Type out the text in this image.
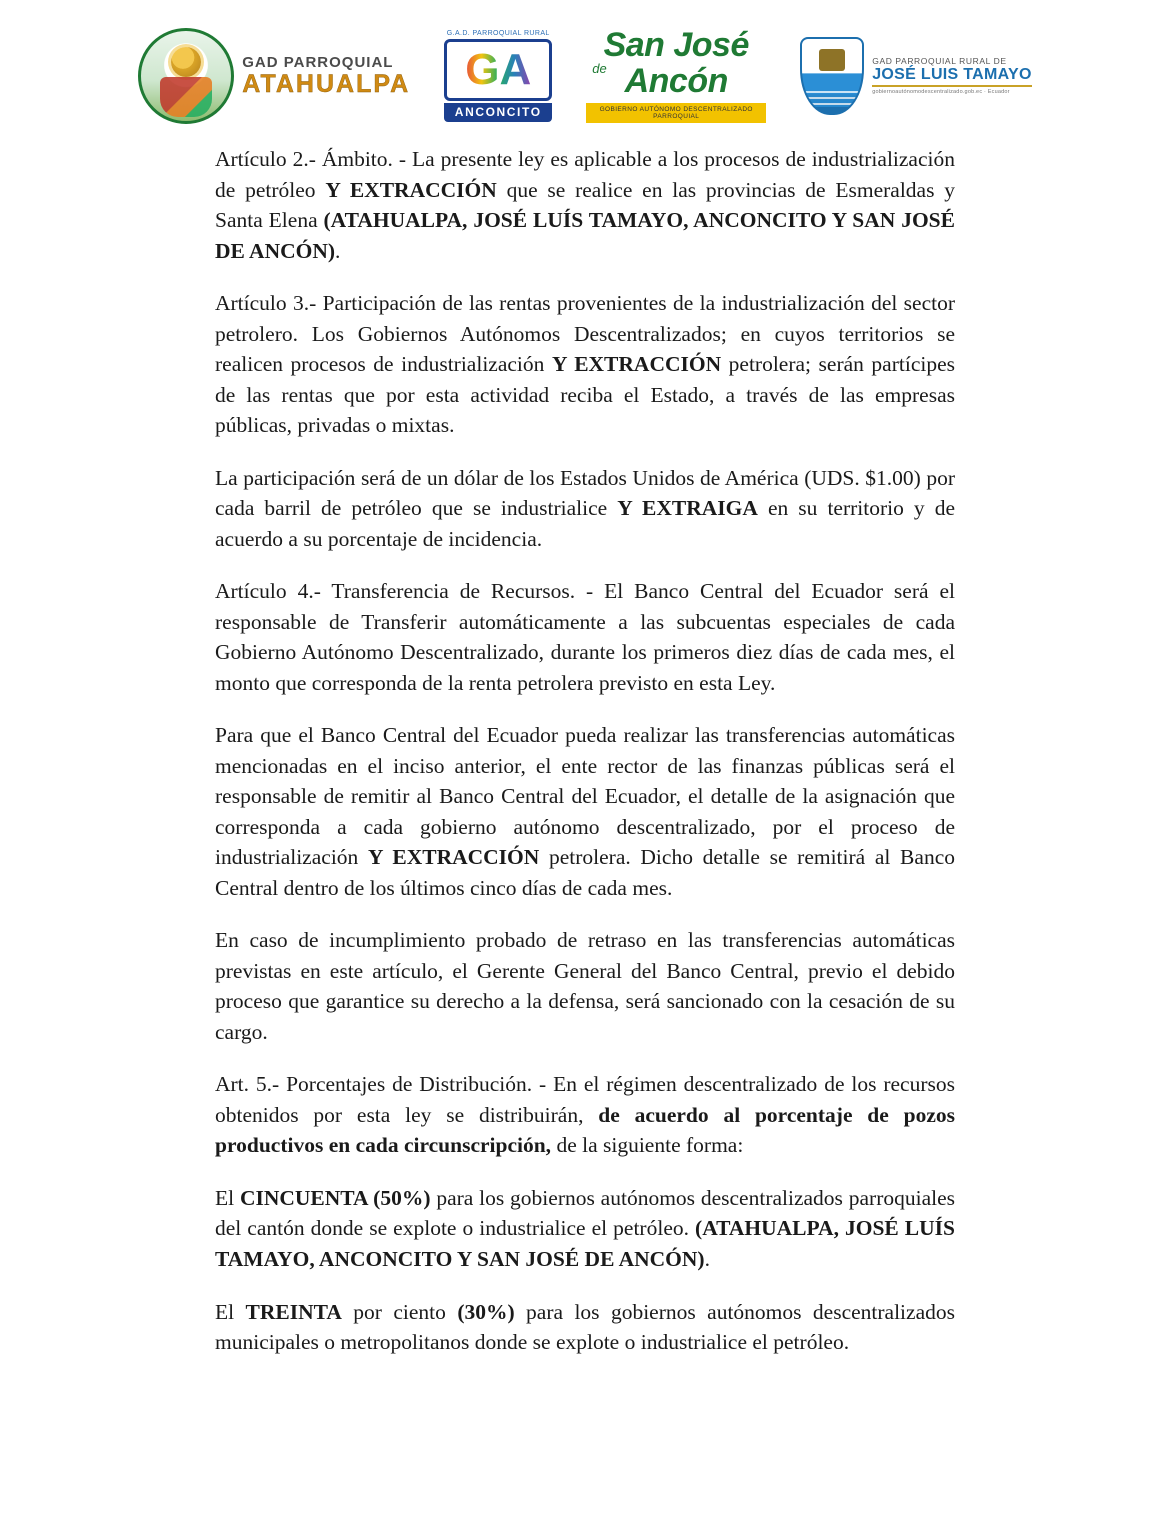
GAD PARROQUIAL
ATAHUALPA
G.A.D. PARROQUIAL RURAL
GA
ANCONCITO
San José
de Ancón
GOBIERNO AUTÓNOMO DESCENTRALIZADO PARROQUIAL
GAD PARROQUIAL RURAL DE
JOSÉ LUIS TAMAYO
gobiernoautónomodescentralizado.gob.ec · Ecuador

Artículo 2.- Ámbito. - La presente ley es aplicable a los procesos de industrialización de petróleo Y EXTRACCIÓN que se realice en las provincias de Esmeraldas y Santa Elena (ATAHUALPA, JOSÉ LUÍS TAMAYO, ANCONCITO Y SAN JOSÉ DE ANCÓN).

Artículo 3.- Participación de las rentas provenientes de la industrialización del sector petrolero. Los Gobiernos Autónomos Descentralizados; en cuyos territorios se realicen procesos de industrialización Y EXTRACCIÓN petrolera; serán partícipes de las rentas que por esta actividad reciba el Estado, a través de las empresas públicas, privadas o mixtas.

La participación será de un dólar de los Estados Unidos de América (UDS. $1.00) por cada barril de petróleo que se industrialice Y EXTRAIGA en su territorio y de acuerdo a su porcentaje de incidencia.

Artículo 4.- Transferencia de Recursos. - El Banco Central del Ecuador será el responsable de Transferir automáticamente a las subcuentas especiales de cada Gobierno Autónomo Descentralizado, durante los primeros diez días de cada mes, el monto que corresponda de la renta petrolera previsto en esta Ley.

Para que el Banco Central del Ecuador pueda realizar las transferencias automáticas mencionadas en el inciso anterior, el ente rector de las finanzas públicas será el responsable de remitir al Banco Central del Ecuador, el detalle de la asignación que corresponda a cada gobierno autónomo descentralizado, por el proceso de industrialización Y EXTRACCIÓN petrolera. Dicho detalle se remitirá al Banco Central dentro de los últimos cinco días de cada mes.

En caso de incumplimiento probado de retraso en las transferencias automáticas previstas en este artículo, el Gerente General del Banco Central, previo el debido proceso que garantice su derecho a la defensa, será sancionado con la cesación de su cargo.

Art. 5.- Porcentajes de Distribución. - En el régimen descentralizado de los recursos obtenidos por esta ley se distribuirán, de acuerdo al porcentaje de pozos productivos en cada circunscripción, de la siguiente forma:

El CINCUENTA (50%) para los gobiernos autónomos descentralizados parroquiales del cantón donde se explote o industrialice el petróleo. (ATAHUALPA, JOSÉ LUÍS TAMAYO, ANCONCITO Y SAN JOSÉ DE ANCÓN).

El TREINTA por ciento (30%) para los gobiernos autónomos descentralizados municipales o metropolitanos donde se explote o industrialice el petróleo.
